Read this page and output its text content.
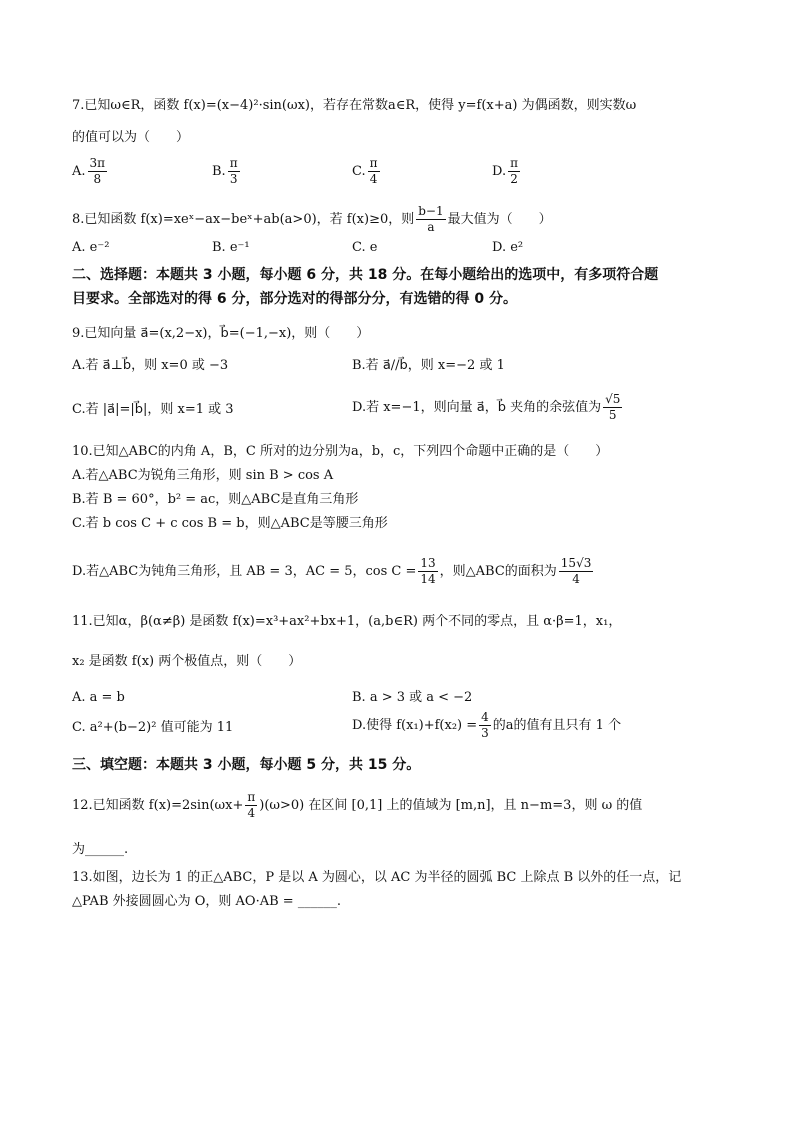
7.已知ω∈R，函数 f(x)=(x−4)²·sin(ωx)，若存在常数a∈R，使得 y=f(x+a) 为偶函数，则实数ω
的值可以为（　　）
A. $\frac{3\pi}{8}$	B. $\frac{\pi}{3}$	C. $\frac{\pi}{4}$	D. $\frac{\pi}{2}$
8.已知函数 f(x)=xeˣ−ax−beˣ+ab(a>0)，若 f(x)≥0，则 $\frac{b-1}{a}$ 最大值为（　　）
A. e⁻²	B. e⁻¹	C. e	D. e²
二、选择题：本题共 3 小题，每小题 6 分，共 18 分。在每小题给出的选项中，有多项符合题
目要求。全部选对的得 6 分，部分选对的得部分分，有选错的得 0 分。
9.已知向量 a⃗=(x,2−x)，b⃗=(−1,−x)，则（　　）
A.若 a⃗⊥b⃗，则 x=0 或 −3	B.若 a⃗//b⃗，则 x=−2 或 1
C.若 |a⃗|=|b⃗|，则 x=1 或 3	D.若 x=−1，则向量 a⃗，b⃗ 夹角的余弦值为 $\frac{√5}{5}$
10.已知△ABC的内角 A，B，C 所对的边分别为a，b，c，下列四个命题中正确的是（　　）
A.若△ABC为锐角三角形，则 sin B > cos A
B.若 B = 60°，b² = ac，则△ABC是直角三角形
C.若 b cos C + c cos B = b，则△ABC是等腰三角形
D.若△ABC为钝角三角形，且 AB = 3，AC = 5，$\cos C = \frac{13}{14}$ ，则△ABC的面积为 $\frac{15√3}{4}$
11.已知α，β(α≠β) 是函数 f(x)=x³+ax²+bx+1，(a,b∈R) 两个不同的零点，且 α·β=1，x₁，
x₂ 是函数 f(x) 两个极值点，则（　　）
A. a = b	B. a > 3 或 a < −2
C. a²+(b−2)² 值可能为 11	D.使得 $f(x_1)+f(x_2) = \frac{4}{3}$ 的a的值有且只有 1 个
三、填空题：本题共 3 小题，每小题 5 分，共 15 分。
12.已知函数 $f(x)=2\sin(\omega x+ \frac{\pi}{4} )(\omega>0)$ 在区间 [0,1] 上的值域为 [m,n]，且 n−m=3，则 ω 的值
为______.
13.如图，边长为 1 的正△ABC，P 是以 A 为圆心，以 AC 为半径的圆弧 BC 上除点 B 以外的任一点，记
△PAB 外接圆圆心为 O，则 AO·AB = ______.
